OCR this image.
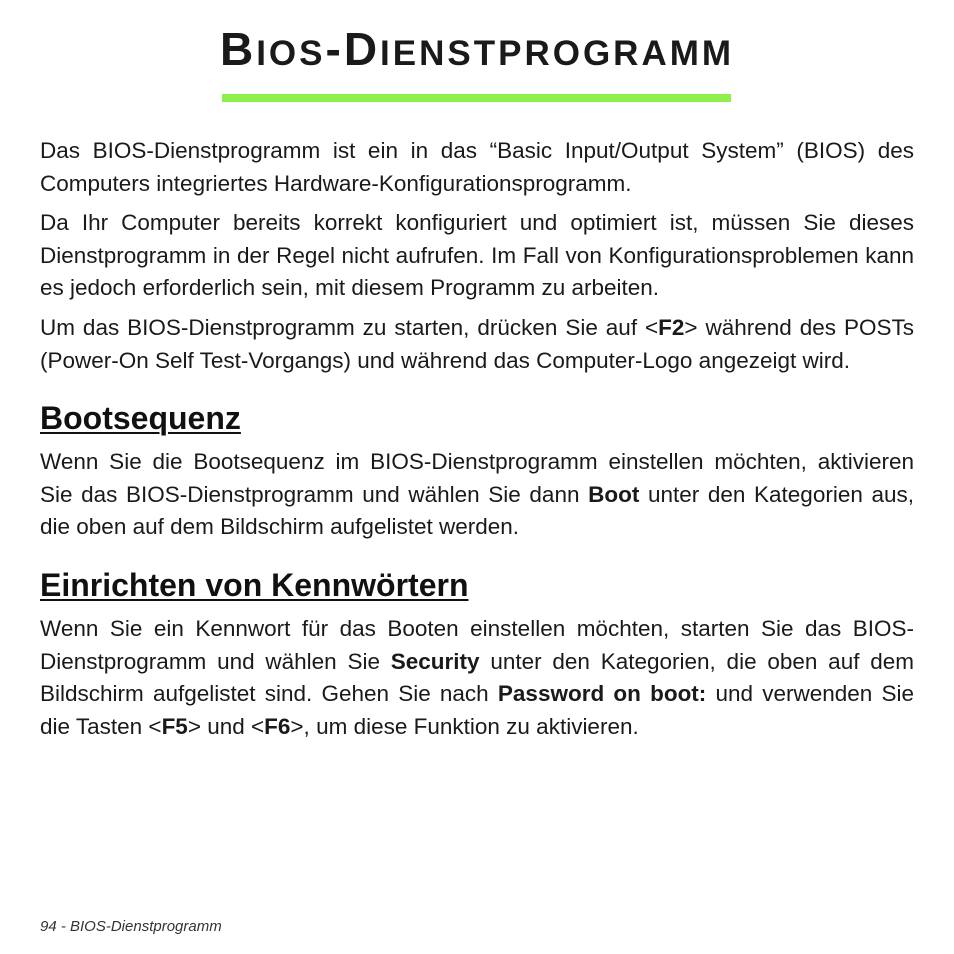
BIOS-DIENSTPROGRAMM

Das BIOS-Dienstprogramm ist ein in das “Basic Input/Output System” (BIOS) des Computers integriertes Hardware-Konfigurationsprogramm.

Da Ihr Computer bereits korrekt konfiguriert und optimiert ist, müssen Sie dieses Dienstprogramm in der Regel nicht aufrufen. Im Fall von Konfigurationsproblemen kann es jedoch erforderlich sein, mit diesem Programm zu arbeiten.

Um das BIOS-Dienstprogramm zu starten, drücken Sie auf <F2> während des POSTs (Power-On Self Test-Vorgangs) und während das Computer-Logo angezeigt wird.

Bootsequenz

Wenn Sie die Bootsequenz im BIOS-Dienstprogramm einstellen möchten, aktivieren Sie das BIOS-Dienstprogramm und wählen Sie dann Boot unter den Kategorien aus, die oben auf dem Bildschirm aufgelistet werden.

Einrichten von Kennwörtern

Wenn Sie ein Kennwort für das Booten einstellen möchten, starten Sie das BIOS-Dienstprogramm und wählen Sie Security unter den Kategorien, die oben auf dem Bildschirm aufgelistet sind. Gehen Sie nach Password on boot: und verwenden Sie die Tasten <F5> und <F6>, um diese Funktion zu aktivieren.

94 - BIOS-Dienstprogramm
